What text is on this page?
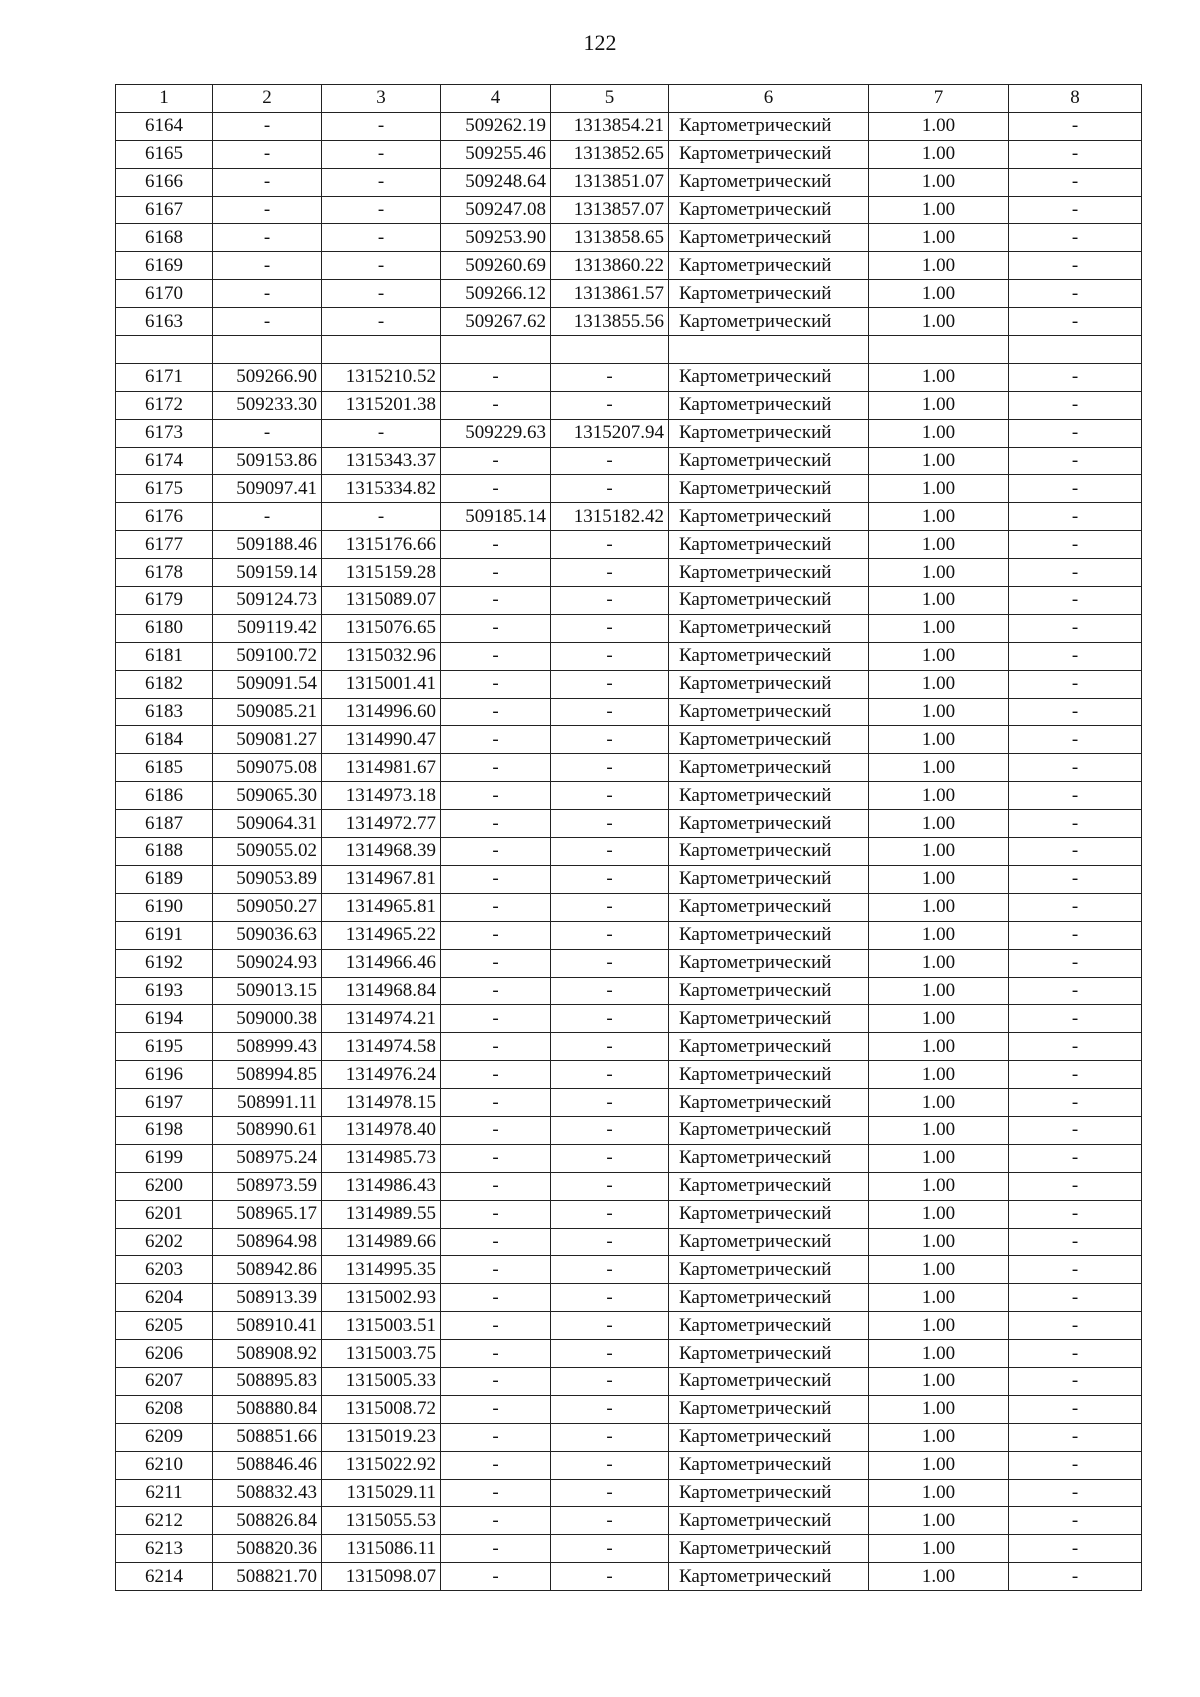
122
1	2	3	4	5	6	7	8
6164	-	-	509262.19	1313854.21	Картометрический	1.00	-
6165	-	-	509255.46	1313852.65	Картометрический	1.00	-
6166	-	-	509248.64	1313851.07	Картометрический	1.00	-
6167	-	-	509247.08	1313857.07	Картометрический	1.00	-
6168	-	-	509253.90	1313858.65	Картометрический	1.00	-
6169	-	-	509260.69	1313860.22	Картометрический	1.00	-
6170	-	-	509266.12	1313861.57	Картометрический	1.00	-
6163	-	-	509267.62	1313855.56	Картометрический	1.00	-

6171	509266.90	1315210.52	-	-	Картометрический	1.00	-
6172	509233.30	1315201.38	-	-	Картометрический	1.00	-
6173	-	-	509229.63	1315207.94	Картометрический	1.00	-
6174	509153.86	1315343.37	-	-	Картометрический	1.00	-
6175	509097.41	1315334.82	-	-	Картометрический	1.00	-
6176	-	-	509185.14	1315182.42	Картометрический	1.00	-
6177	509188.46	1315176.66	-	-	Картометрический	1.00	-
6178	509159.14	1315159.28	-	-	Картометрический	1.00	-
6179	509124.73	1315089.07	-	-	Картометрический	1.00	-
6180	509119.42	1315076.65	-	-	Картометрический	1.00	-
6181	509100.72	1315032.96	-	-	Картометрический	1.00	-
6182	509091.54	1315001.41	-	-	Картометрический	1.00	-
6183	509085.21	1314996.60	-	-	Картометрический	1.00	-
6184	509081.27	1314990.47	-	-	Картометрический	1.00	-
6185	509075.08	1314981.67	-	-	Картометрический	1.00	-
6186	509065.30	1314973.18	-	-	Картометрический	1.00	-
6187	509064.31	1314972.77	-	-	Картометрический	1.00	-
6188	509055.02	1314968.39	-	-	Картометрический	1.00	-
6189	509053.89	1314967.81	-	-	Картометрический	1.00	-
6190	509050.27	1314965.81	-	-	Картометрический	1.00	-
6191	509036.63	1314965.22	-	-	Картометрический	1.00	-
6192	509024.93	1314966.46	-	-	Картометрический	1.00	-
6193	509013.15	1314968.84	-	-	Картометрический	1.00	-
6194	509000.38	1314974.21	-	-	Картометрический	1.00	-
6195	508999.43	1314974.58	-	-	Картометрический	1.00	-
6196	508994.85	1314976.24	-	-	Картометрический	1.00	-
6197	508991.11	1314978.15	-	-	Картометрический	1.00	-
6198	508990.61	1314978.40	-	-	Картометрический	1.00	-
6199	508975.24	1314985.73	-	-	Картометрический	1.00	-
6200	508973.59	1314986.43	-	-	Картометрический	1.00	-
6201	508965.17	1314989.55	-	-	Картометрический	1.00	-
6202	508964.98	1314989.66	-	-	Картометрический	1.00	-
6203	508942.86	1314995.35	-	-	Картометрический	1.00	-
6204	508913.39	1315002.93	-	-	Картометрический	1.00	-
6205	508910.41	1315003.51	-	-	Картометрический	1.00	-
6206	508908.92	1315003.75	-	-	Картометрический	1.00	-
6207	508895.83	1315005.33	-	-	Картометрический	1.00	-
6208	508880.84	1315008.72	-	-	Картометрический	1.00	-
6209	508851.66	1315019.23	-	-	Картометрический	1.00	-
6210	508846.46	1315022.92	-	-	Картометрический	1.00	-
6211	508832.43	1315029.11	-	-	Картометрический	1.00	-
6212	508826.84	1315055.53	-	-	Картометрический	1.00	-
6213	508820.36	1315086.11	-	-	Картометрический	1.00	-
6214	508821.70	1315098.07	-	-	Картометрический	1.00	-
